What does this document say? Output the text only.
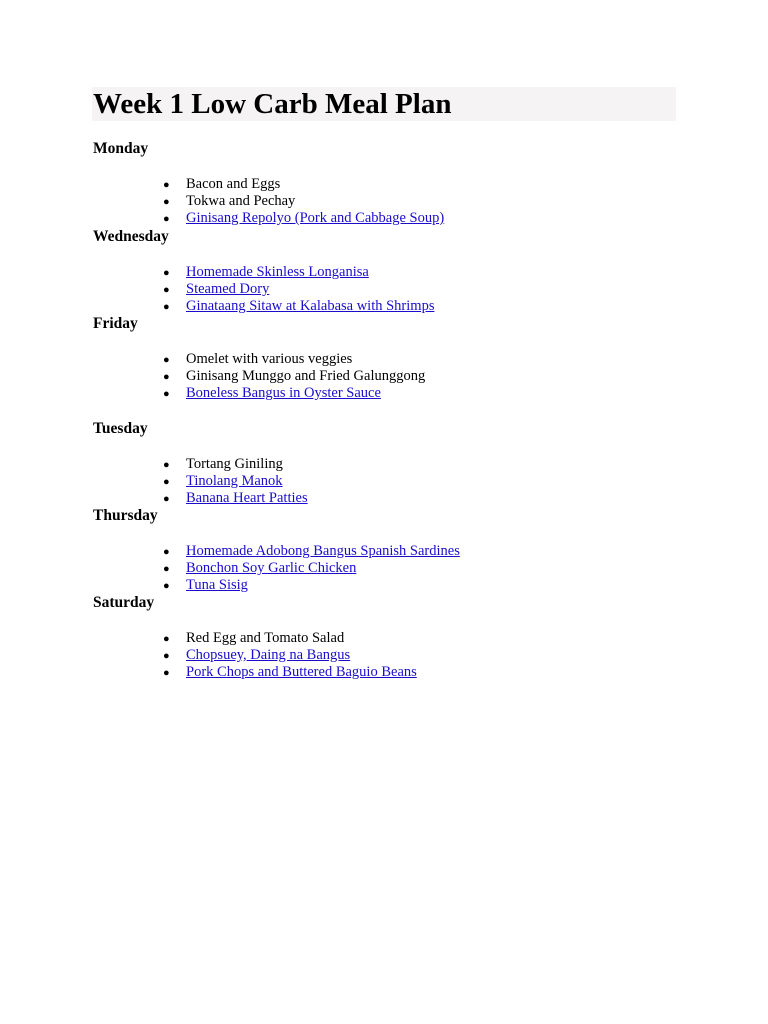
Week 1 Low Carb Meal Plan
Monday
● Bacon and Eggs
● Tokwa and Pechay
● Ginisang Repolyo (Pork and Cabbage Soup)
Wednesday
● Homemade Skinless Longanisa
● Steamed Dory
● Ginataang Sitaw at Kalabasa with Shrimps
Friday
● Omelet with various veggies
● Ginisang Munggo and Fried Galunggong
● Boneless Bangus in Oyster Sauce
Tuesday
● Tortang Giniling
● Tinolang Manok
● Banana Heart Patties
Thursday
● Homemade Adobong Bangus Spanish Sardines
● Bonchon Soy Garlic Chicken
● Tuna Sisig
Saturday
● Red Egg and Tomato Salad
● Chopsuey, Daing na Bangus
● Pork Chops and Buttered Baguio Beans
